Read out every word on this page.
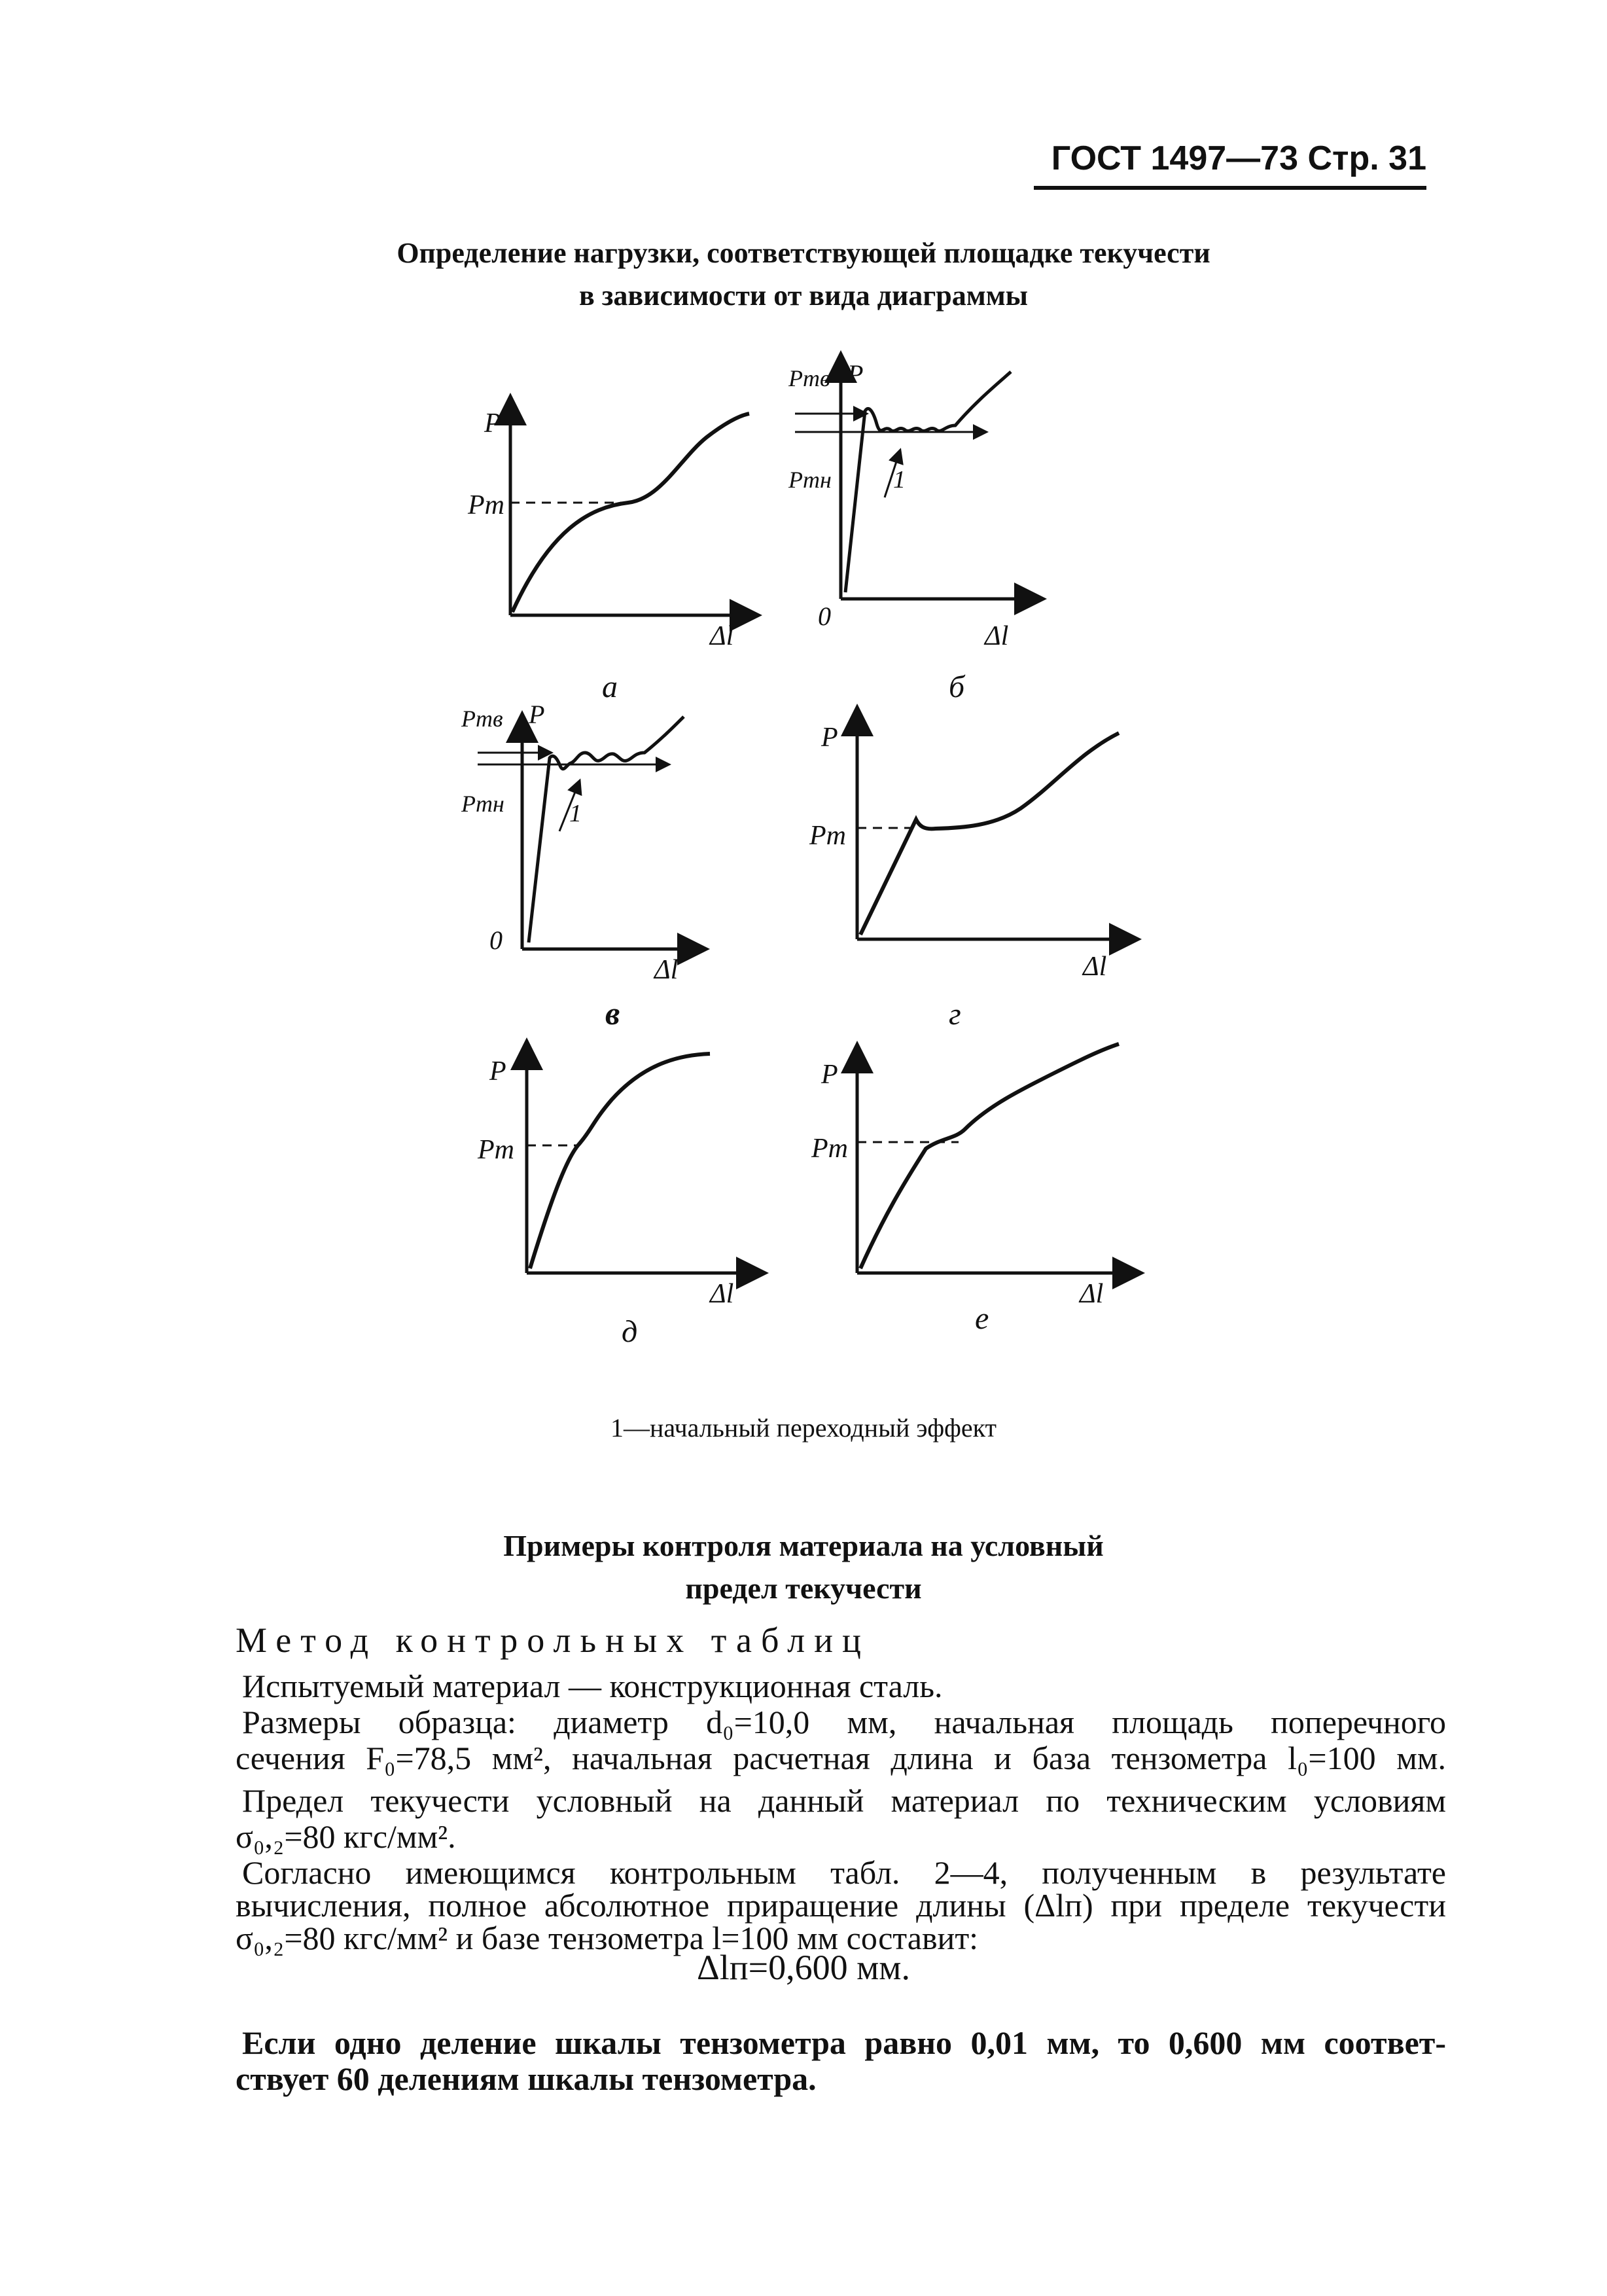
ГОСТ 1497—73 Стр. 31
Определение нагрузки, соответствующей площадке текучести
в зависимости от вида диаграммы
P
Pт
Δl
а
1
Pтв P
Pтн
0
Δl
б
1
Pтв P
Pтн
0
Δl
в
P
Pт
Δl
г
P
Pт
Δl
д
P
Pт
Δl
е
1—начальный переходный эффект
Примеры контроля материала на условный
предел текучести
Метод контрольных таблиц
Испытуемый материал — конструкционная сталь.
Размеры образца: диаметр d₀=10,0 мм, начальная площадь поперечного
сечения F₀=78,5 мм², начальная расчетная длина и база тензометра l₀=100 мм.
Предел текучести условный на данный материал по техническим условиям
σ₀,₂=80 кгс/мм².
Согласно имеющимся контрольным табл. 2—4, полученным в результате
вычисления, полное абсолютное приращение длины (Δlп) при пределе текучести
σ₀,₂=80 кгс/мм² и базе тензометра l=100 мм составит:
Δlп=0,600 мм.
Если одно деление шкалы тензометра равно 0,01 мм, то 0,600 мм соответ-
ствует 60 делениям шкалы тензометра.
